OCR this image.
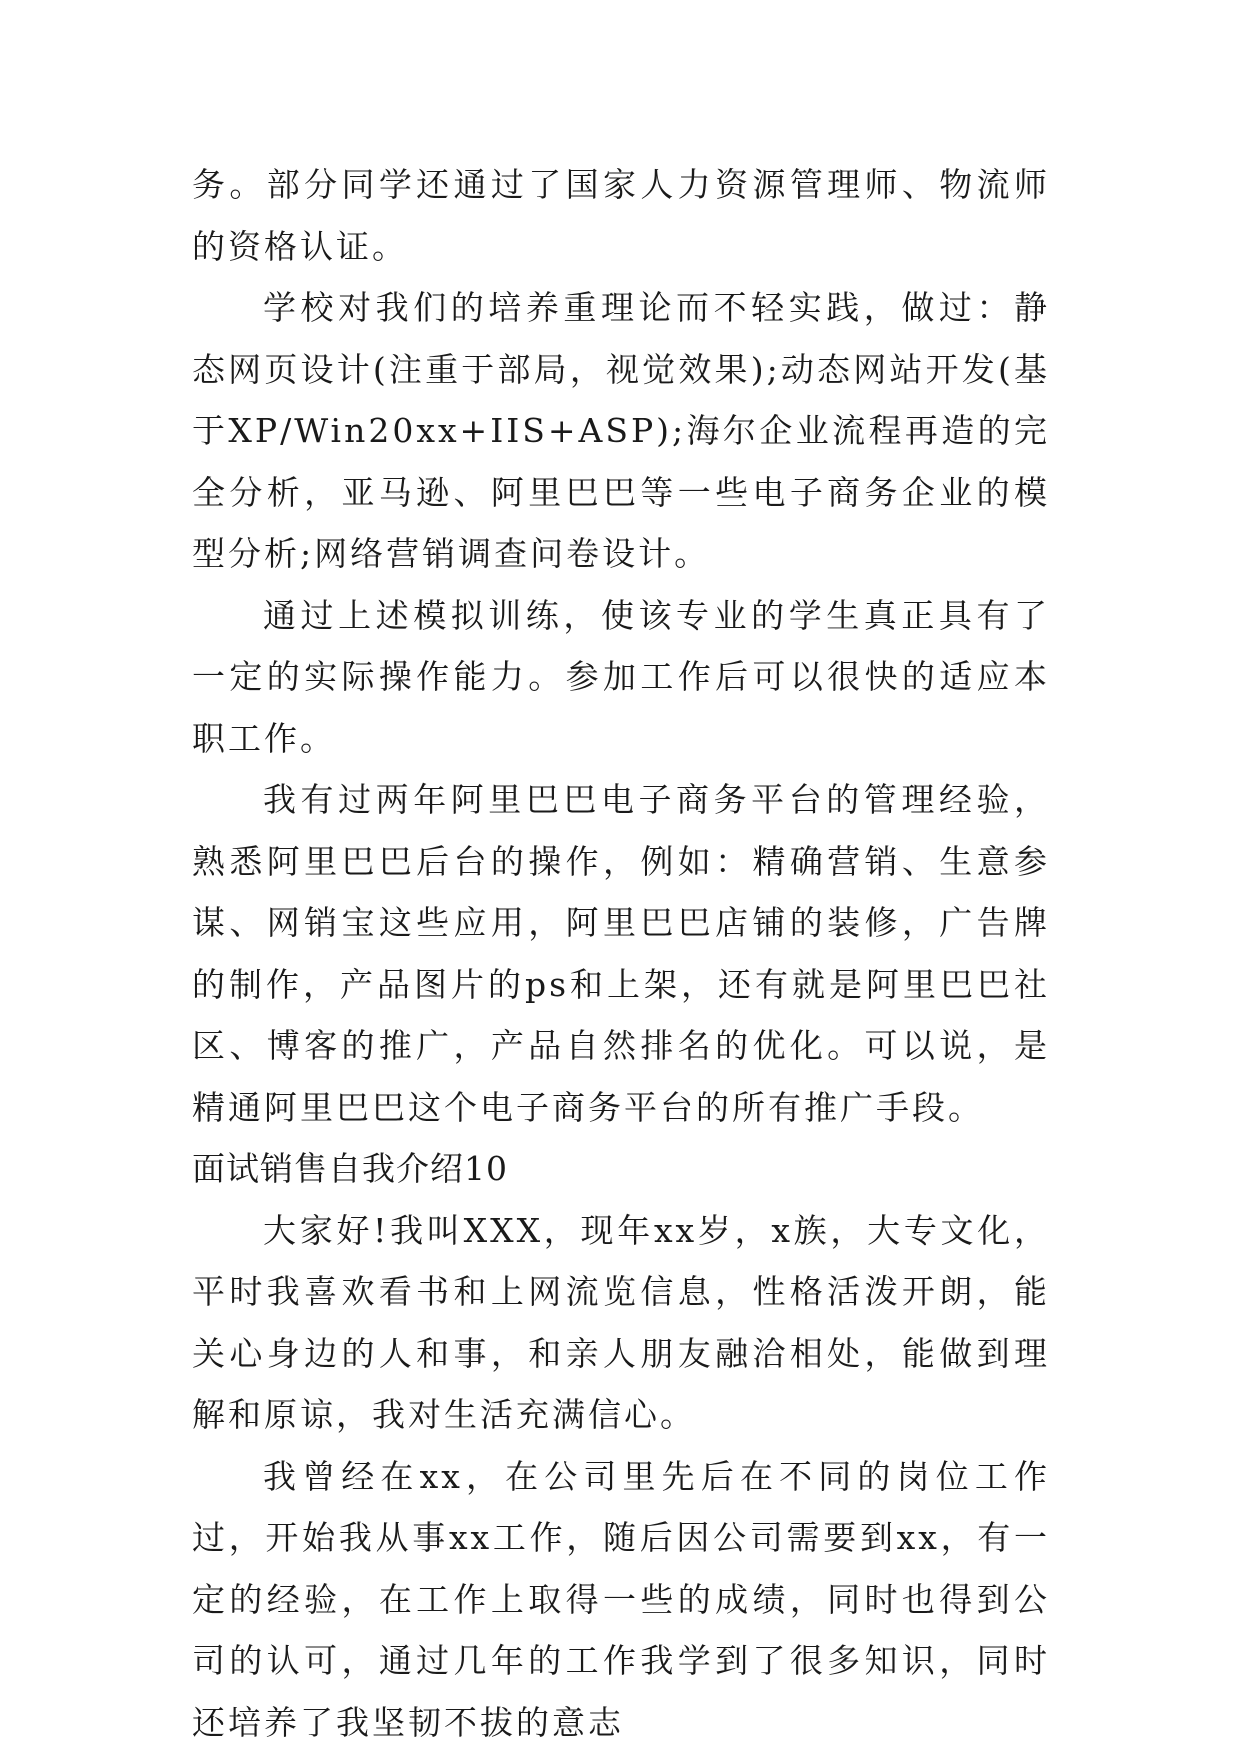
务。部分同学还通过了国家人力资源管理师、物流师的资格认证。

学校对我们的培养重理论而不轻实践，做过：静态网页设计(注重于部局，视觉效果);动态网站开发(基于XP/Win20xx+IIS+ASP);海尔企业流程再造的完全分析，亚马逊、阿里巴巴等一些电子商务企业的模型分析;网络营销调查问卷设计。

通过上述模拟训练，使该专业的学生真正具有了一定的实际操作能力。参加工作后可以很快的适应本职工作。

我有过两年阿里巴巴电子商务平台的管理经验，熟悉阿里巴巴后台的操作，例如：精确营销、生意参谋、网销宝这些应用，阿里巴巴店铺的装修，广告牌的制作，产品图片的ps和上架，还有就是阿里巴巴社区、博客的推广，产品自然排名的优化。可以说，是精通阿里巴巴这个电子商务平台的所有推广手段。

面试销售自我介绍10

大家好!我叫XXX，现年xx岁，x族，大专文化，平时我喜欢看书和上网流览信息，性格活泼开朗，能关心身边的人和事，和亲人朋友融洽相处，能做到理解和原谅，我对生活充满信心。

我曾经在xx，在公司里先后在不同的岗位工作过，开始我从事xx工作，随后因公司需要到xx，有一定的经验，在工作上取得一些的成绩，同时也得到公司的认可，通过几年的工作我学到了很多知识，同时还培养了我坚韧不拔的意志
